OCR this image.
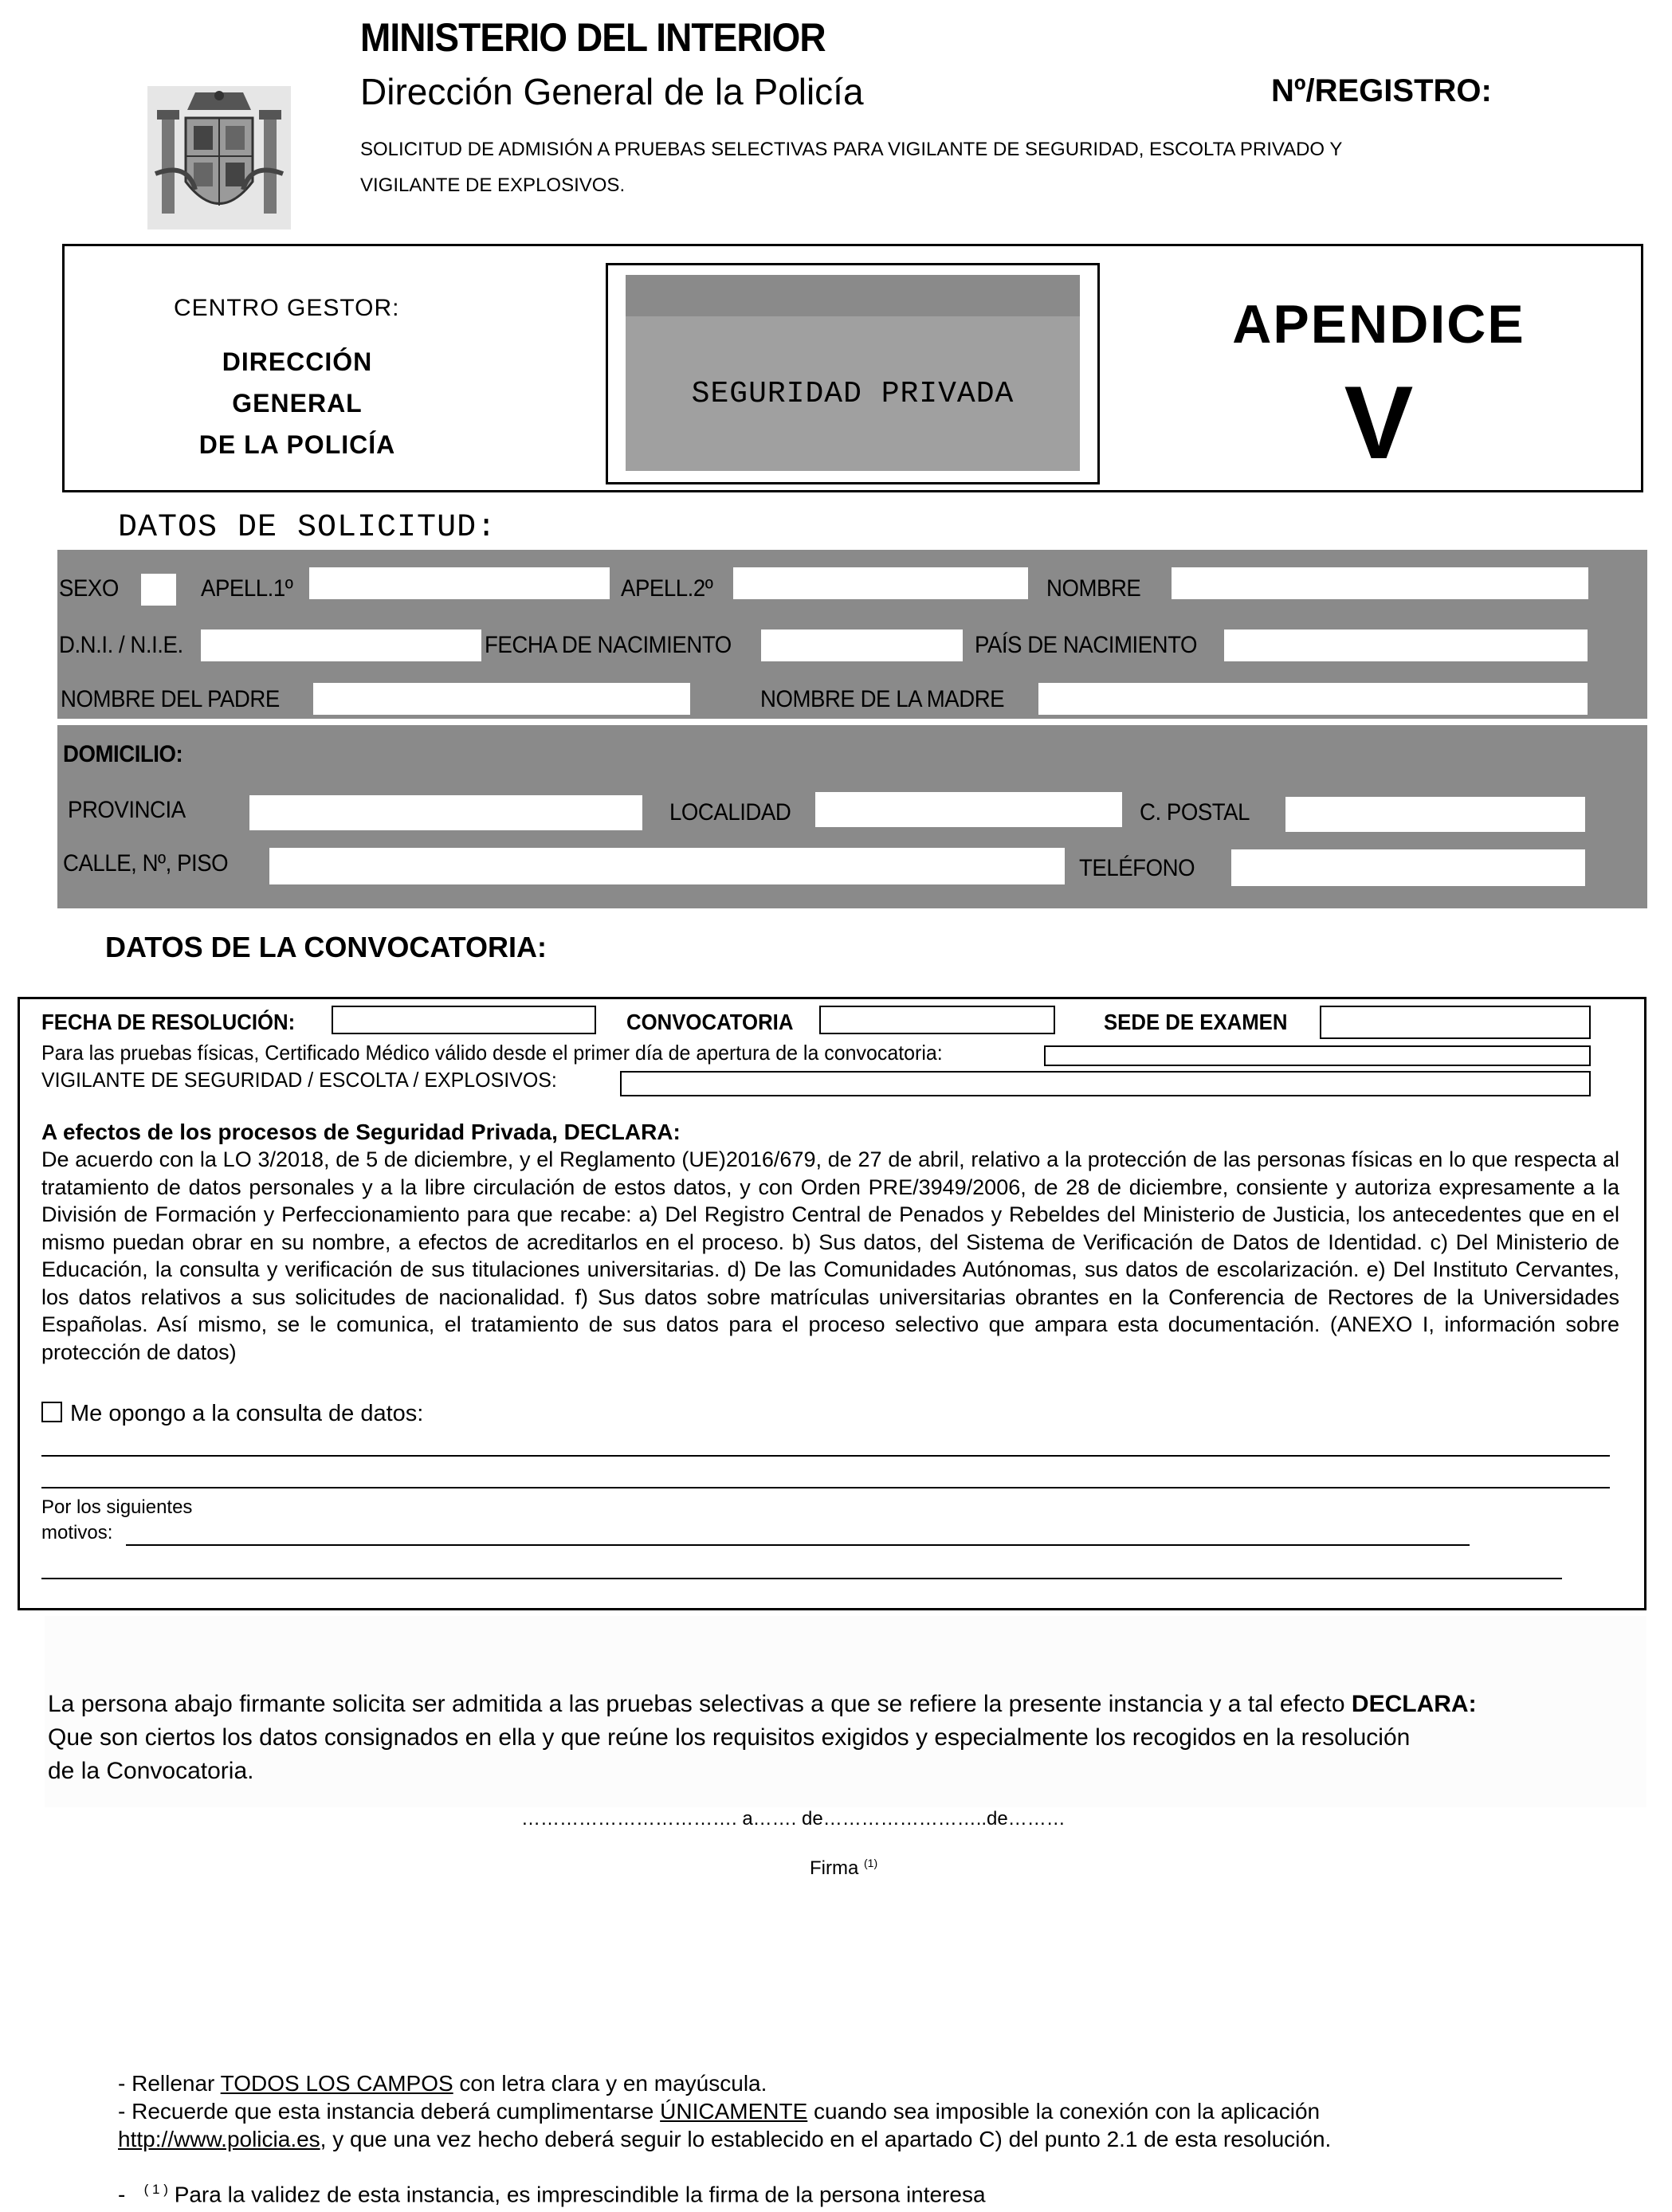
MINISTERIO DEL INTERIOR
Dirección General de la Policía	Nº/REGISTRO:
SOLICITUD DE ADMISIÓN A PRUEBAS SELECTIVAS PARA VIGILANTE DE SEGURIDAD, ESCOLTA PRIVADO Y
VIGILANTE DE EXPLOSIVOS.
CENTRO GESTOR:
DIRECCIÓN GENERAL
DE LA POLICÍA
SEGURIDAD PRIVADA
APENDICE
V
DATOS DE SOLICITUD:
SEXO	APELL.1º	APELL.2º	NOMBRE
D.N.I. / N.I.E.	FECHA DE NACIMIENTO	PAÍS DE NACIMIENTO
NOMBRE DEL PADRE	NOMBRE DE LA MADRE
DOMICILIO:
PROVINCIA	LOCALIDAD	C. POSTAL
CALLE, Nº, PISO	TELÉFONO
DATOS DE LA CONVOCATORIA:
FECHA DE RESOLUCIÓN:	CONVOCATORIA	SEDE DE EXAMEN
Para las pruebas físicas, Certificado Médico válido desde el primer día de apertura de la convocatoria:
VIGILANTE DE SEGURIDAD / ESCOLTA / EXPLOSIVOS:
A efectos de los procesos de Seguridad Privada, DECLARA:
De acuerdo con la LO 3/2018, de 5 de diciembre, y el Reglamento (UE)2016/679, de 27 de abril, relativo a la protección de las personas físicas en lo que respecta al tratamiento de datos personales y a la libre circulación de estos datos, y con Orden PRE/3949/2006, de 28 de diciembre, consiente y autoriza expresamente a la División de Formación y Perfeccionamiento para que recabe: a) Del Registro Central de Penados y Rebeldes del Ministerio de Justicia, los antecedentes que en el mismo puedan obrar en su nombre, a efectos de acreditarlos en el proceso. b) Sus datos, del Sistema de Verificación de Datos de Identidad. c) Del Ministerio de Educación, la consulta y verificación de sus titulaciones universitarias. d) De las Comunidades Autónomas, sus datos de escolarización. e) Del Instituto Cervantes, los datos relativos a sus solicitudes de nacionalidad. f) Sus datos sobre matrículas universitarias obrantes en la Conferencia de Rectores de la Universidades Españolas. Así mismo, se le comunica, el tratamiento de sus datos para el proceso selectivo que ampara esta documentación. (ANEXO I, información sobre protección de datos)
Me opongo a la consulta de datos:
Por los siguientes
motivos:
La persona abajo firmante solicita ser admitida a las pruebas selectivas a que se refiere la presente instancia y a tal efecto DECLARA:
Que son ciertos los datos consignados en ella y que reúne los requisitos exigidos y especialmente los recogidos en la resolución
de la Convocatoria.
……………………………. a……. de……………………..de………
Firma $^{(1)}$
- Rellenar TODOS LOS CAMPOS con letra clara y en mayúscula.
- Recuerde que esta instancia deberá cumplimentarse ÚNICAMENTE cuando sea imposible la conexión con la aplicación
http://www.policia.es, y que una vez hecho deberá seguir lo establecido en el apartado C) del punto 2.1 de esta resolución.
- $^{( 1 )}$ Para la validez de esta instancia, es imprescindible la firma de la persona interesa
